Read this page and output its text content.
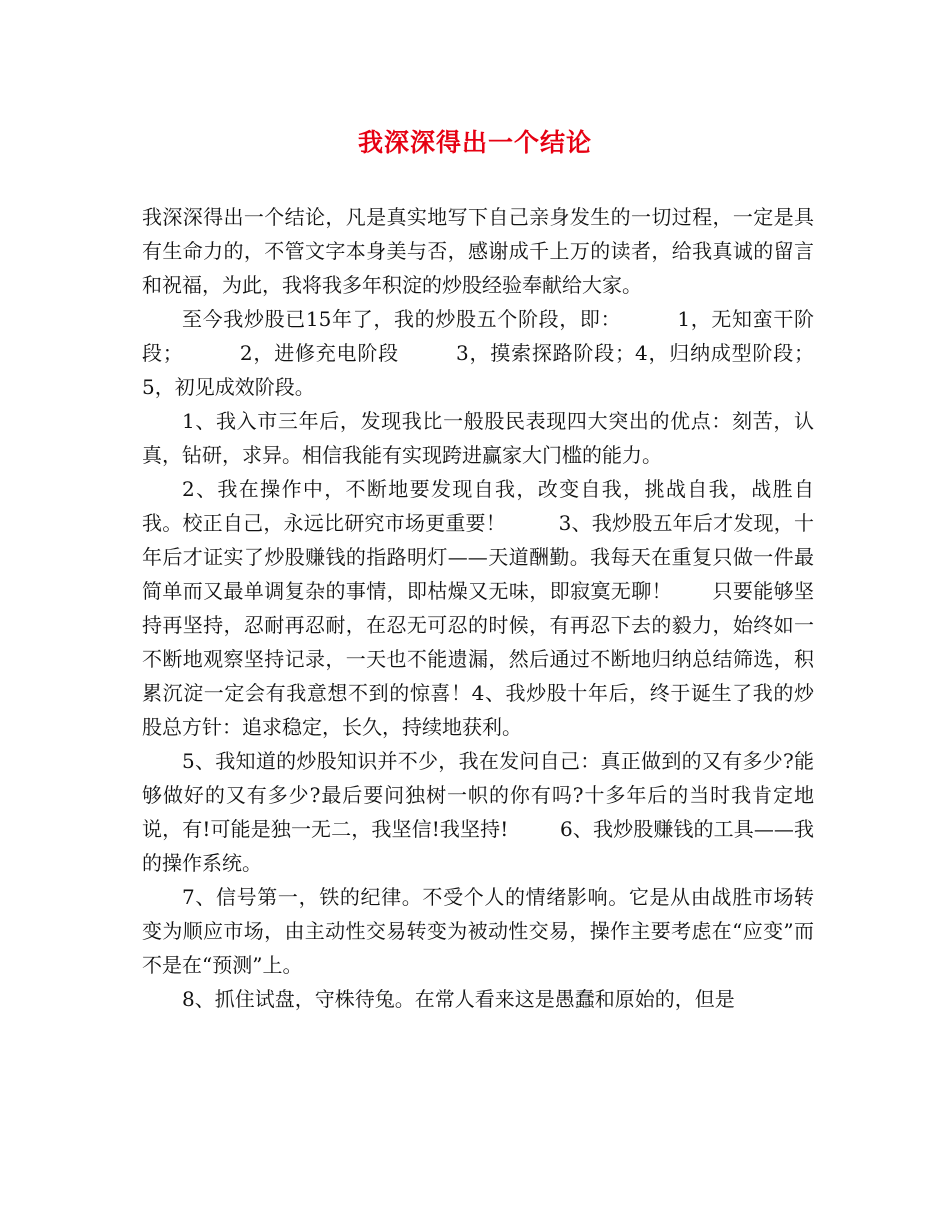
我深深得出一个结论

我深深得出一个结论，凡是真实地写下自己亲身发生的一切过程，一定是具有生命力的，不管文字本身美与否，感谢成千上万的读者，给我真诚的留言和祝福，为此，我将我多年积淀的炒股经验奉献给大家。

至今我炒股已15年了，我的炒股五个阶段，即：        1，无知蛮干阶段；        2，进修充电阶段        3，摸索探路阶段；4，归纳成型阶段；      5，初见成效阶段。

1、我入市三年后，发现我比一般股民表现四大突出的优点：刻苦，认真，钻研，求异。相信我能有实现跨进赢家大门槛的能力。

2、我在操作中，不断地要发现自我，改变自我，挑战自我，战胜自我。校正自己，永远比研究市场更重要！        3、我炒股五年后才发现，十年后才证实了炒股赚钱的指路明灯——天道酬勤。我每天在重复只做一件最简单而又最单调复杂的事情，即枯燥又无味，即寂寞无聊！      只要能够坚持再坚持，忍耐再忍耐，在忍无可忍的时候，有再忍下去的毅力，始终如一不断地观察坚持记录，一天也不能遗漏，然后通过不断地归纳总结筛选，积累沉淀一定会有我意想不到的惊喜！4、我炒股十年后，终于诞生了我的炒股总方针：追求稳定，长久，持续地获利。

5、我知道的炒股知识并不少，我在发问自己：真正做到的又有多少?能够做好的又有多少?最后要问独树一帜的你有吗?十多年后的当时我肯定地说，有!可能是独一无二，我坚信!我坚持!        6、我炒股赚钱的工具——我的操作系统。

7、信号第一，铁的纪律。不受个人的情绪影响。它是从由战胜市场转变为顺应市场，由主动性交易转变为被动性交易，操作主要考虑在“应变”而不是在“预测”上。

8、抓住试盘，守株待兔。在常人看来这是愚蠢和原始的，但是
